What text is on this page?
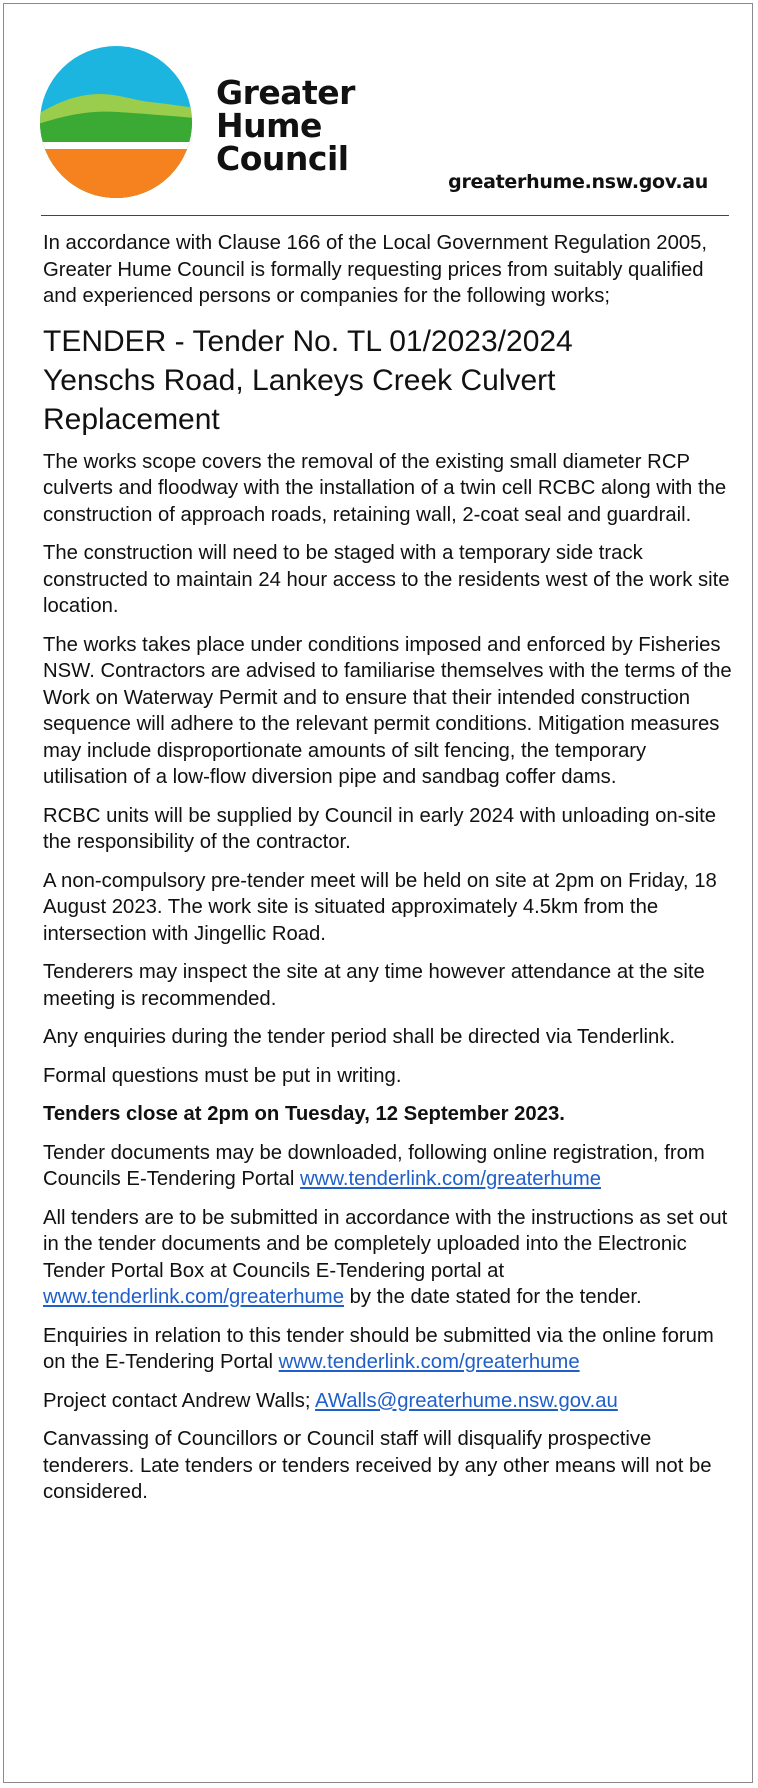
Greater
Hume
Council
greaterhume.nsw.gov.au

In accordance with Clause 166 of the Local Government Regulation 2005, Greater Hume Council is formally requesting prices from suitably qualified and experienced persons or companies for the following works;

TENDER - Tender No. TL 01/2023/2024
Yenschs Road, Lankeys Creek Culvert
Replacement

The works scope covers the removal of the existing small diameter RCP culverts and floodway with the installation of a twin cell RCBC along with the construction of approach roads, retaining wall, 2-coat seal and guardrail.

The construction will need to be staged with a temporary side track constructed to maintain 24 hour access to the residents west of the work site location.

The works takes place under conditions imposed and enforced by Fisheries NSW. Contractors are advised to familiarise themselves with the terms of the Work on Waterway Permit and to ensure that their intended construction sequence will adhere to the relevant permit conditions. Mitigation measures may include disproportionate amounts of silt fencing, the temporary utilisation of a low-flow diversion pipe and sandbag coffer dams.

RCBC units will be supplied by Council in early 2024 with unloading on-site the responsibility of the contractor.

A non-compulsory pre-tender meet will be held on site at 2pm on Friday, 18 August 2023. The work site is situated approximately 4.5km from the intersection with Jingellic Road.

Tenderers may inspect the site at any time however attendance at the site meeting is recommended.

Any enquiries during the tender period shall be directed via Tenderlink.

Formal questions must be put in writing.

Tenders close at 2pm on Tuesday, 12 September 2023.

Tender documents may be downloaded, following online registration, from Councils E-Tendering Portal www.tenderlink.com/greaterhume

All tenders are to be submitted in accordance with the instructions as set out in the tender documents and be completely uploaded into the Electronic Tender Portal Box at Councils E-Tendering portal at www.tenderlink.com/greaterhume by the date stated for the tender.

Enquiries in relation to this tender should be submitted via the online forum on the E-Tendering Portal www.tenderlink.com/greaterhume

Project contact Andrew Walls; AWalls@greaterhume.nsw.gov.au

Canvassing of Councillors or Council staff will disqualify prospective tenderers. Late tenders or tenders received by any other means will not be considered.
